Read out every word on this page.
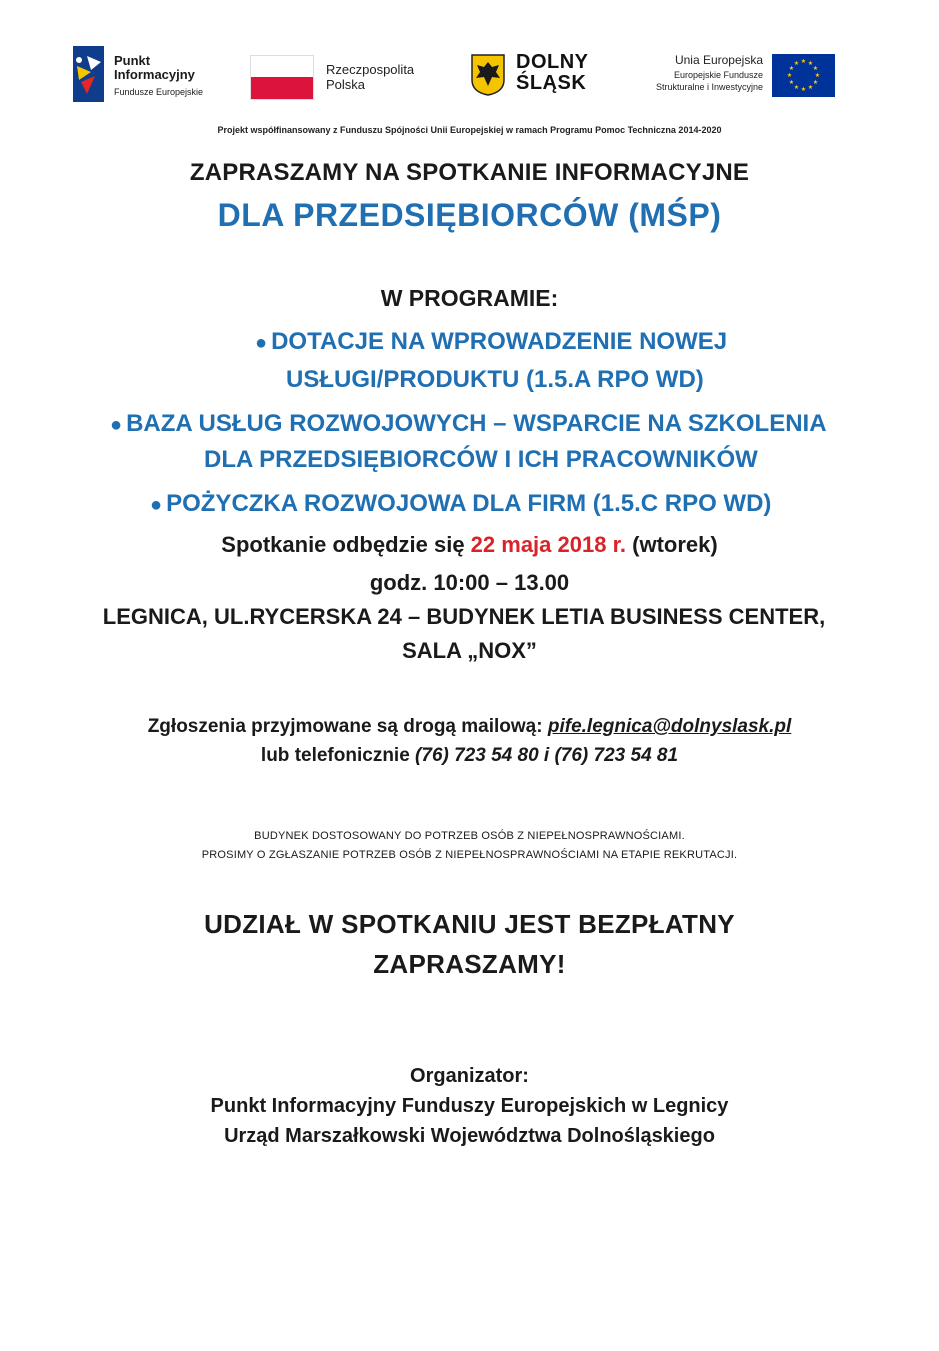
Punkt
Informacyjny
Fundusze Europejskie
Rzeczpospolita
Polska
DOLNY
ŚLĄSK
Unia Europejska
Europejskie Fundusze
Strukturalne i Inwestycyjne
★ ★
★
★
★
★
★
★
★
★
★
★
Projekt współfinansowany z Funduszu Spójności Unii Europejskiej w ramach Programu Pomoc Techniczna 2014-2020
ZAPRASZAMY NA SPOTKANIE INFORMACYJNE
DLA PRZEDSIĘBIORCÓW (MŚP)
W PROGRAMIE:
● DOTACJE NA WPROWADZENIE NOWEJ
USŁUGI/PRODUKTU (1.5.A RPO WD)
● BAZA USŁUG ROZWOJOWYCH – WSPARCIE NA SZKOLENIA
DLA PRZEDSIĘBIORCÓW I ICH PRACOWNIKÓW
● POŻYCZKA ROZWOJOWA DLA FIRM (1.5.C RPO WD)
Spotkanie odbędzie się 22 maja 2018 r. (wtorek)
godz. 10:00 – 13.00
LEGNICA, UL.RYCERSKA 24 – BUDYNEK LETIA BUSINESS CENTER,
SALA „NOX”
Zgłoszenia przyjmowane są drogą mailową: pife.legnica@dolnyslask.pl
lub telefonicznie (76) 723 54 80 i (76) 723 54 81
BUDYNEK DOSTOSOWANY DO POTRZEB OSÓB Z NIEPEŁNOSPRAWNOŚCIAMI.
PROSIMY O ZGŁASZANIE POTRZEB OSÓB Z NIEPEŁNOSPRAWNOŚCIAMI NA ETAPIE REKRUTACJI.
UDZIAŁ W SPOTKANIU JEST BEZPŁATNY
ZAPRASZAMY!
Organizator:
Punkt Informacyjny Funduszy Europejskich w Legnicy
Urząd Marszałkowski Województwa Dolnośląskiego
